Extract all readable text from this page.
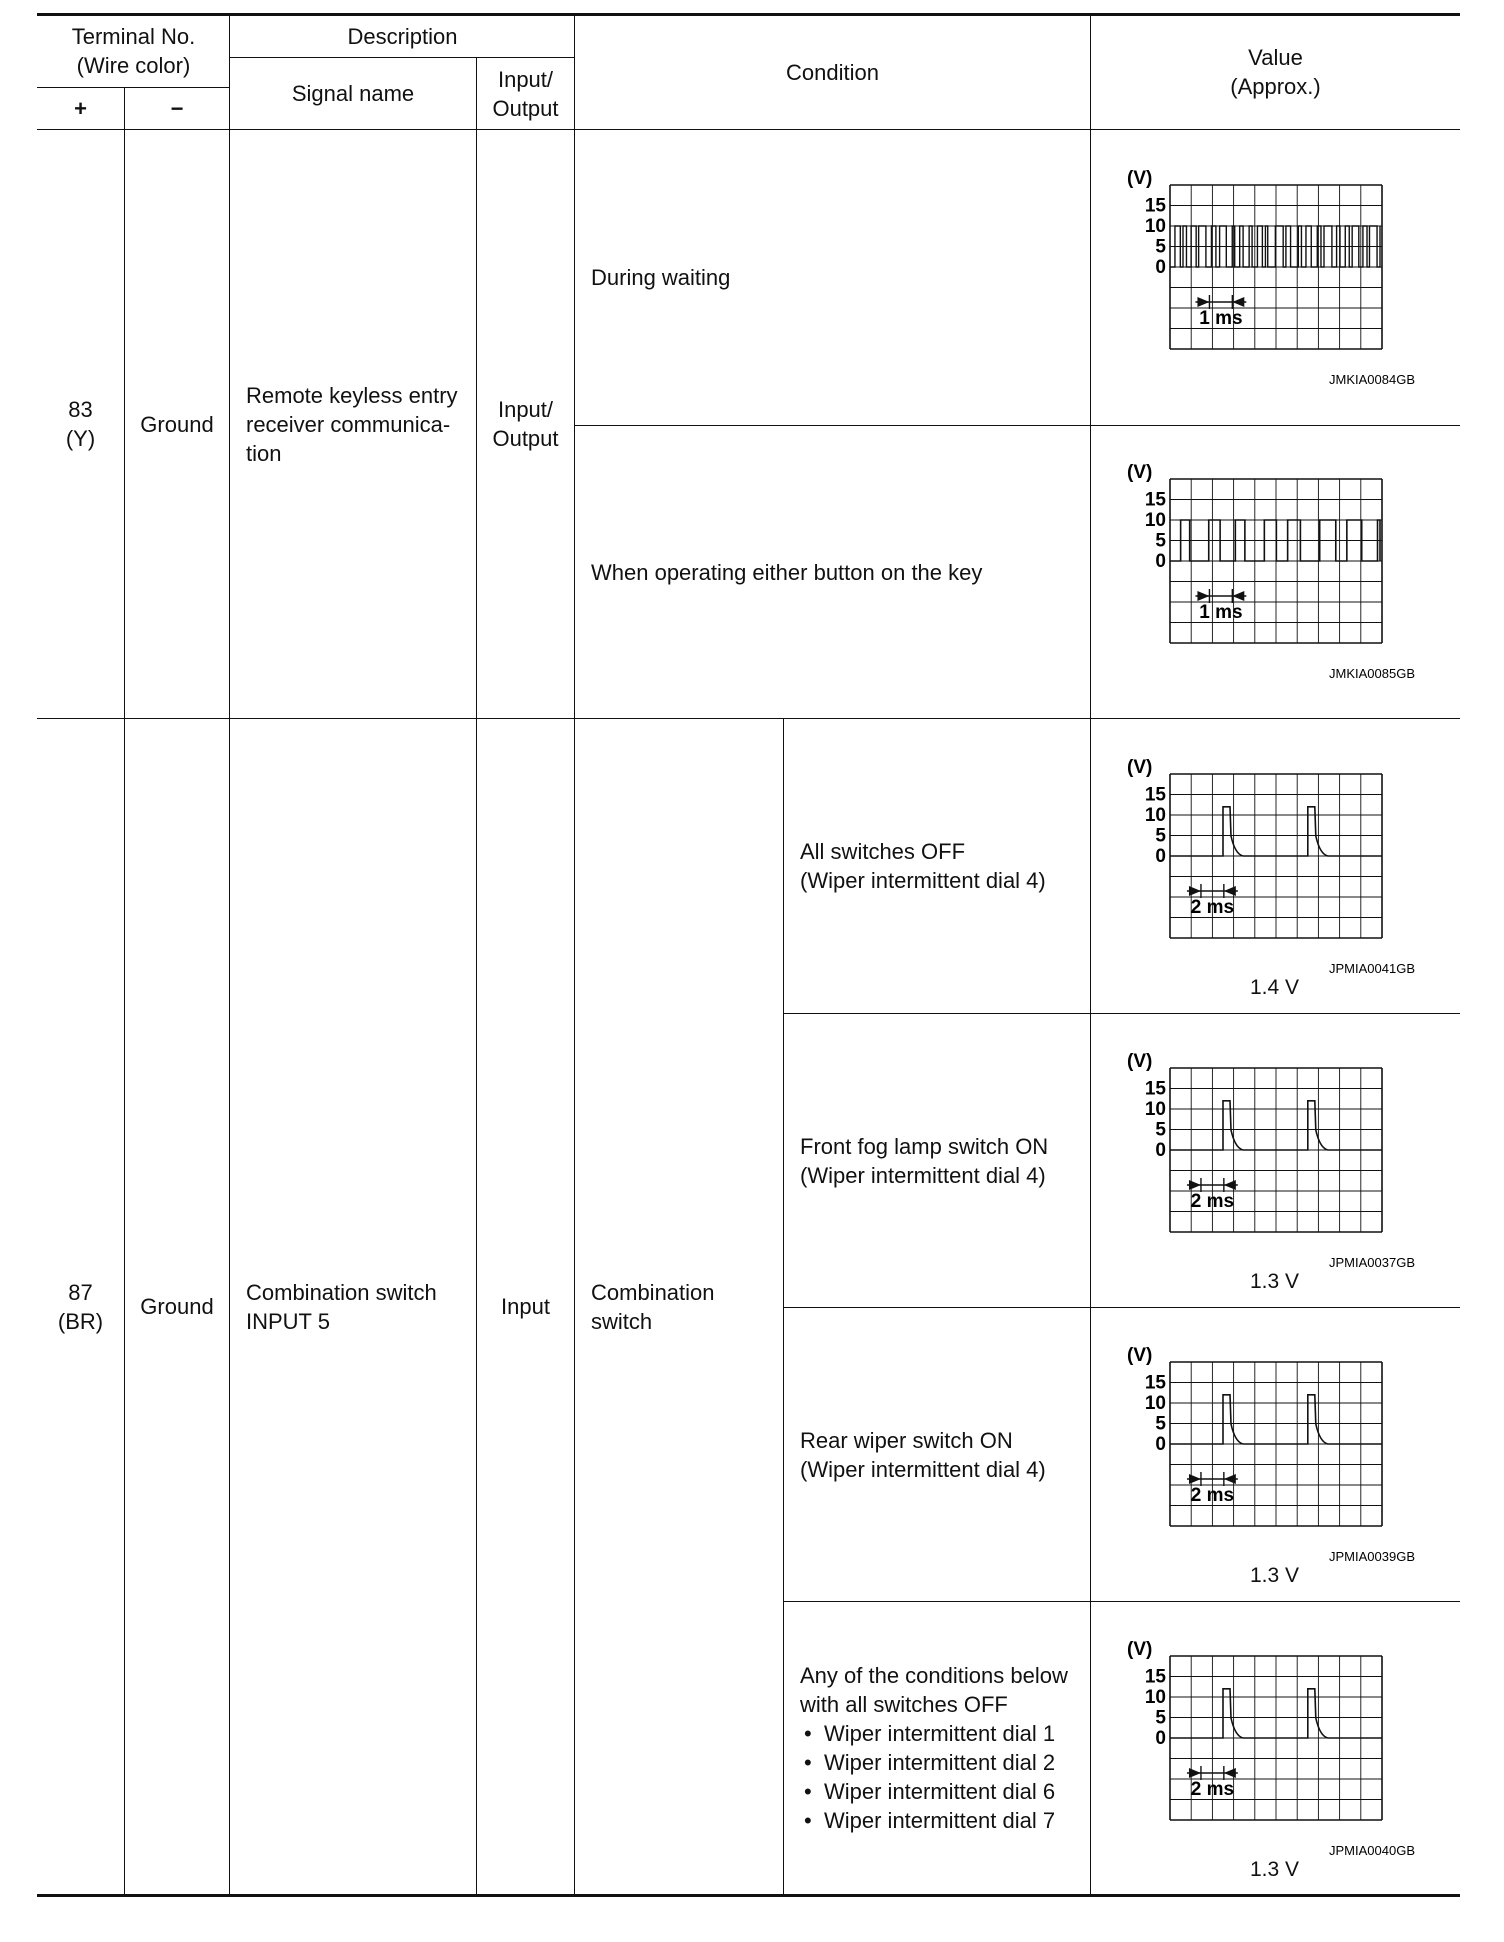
Terminal No.
(Wire color)
+	−
Description
Signal name
Input/
Output
Condition
Value
(Approx.)
83
(Y)
Ground
Remote keyless entry
receiver communica-
tion
Input/
Output
During waiting
When operating either button on the key
(V)
15
10
5
0
1 ms
JMKIA0084GB
(V)
15
10
5
0
1 ms
JMKIA0085GB
87
(BR)
Ground
Combination switch
INPUT 5
Input
Combination
switch
All switches OFF
(Wiper intermittent dial 4)
Front fog lamp switch ON
(Wiper intermittent dial 4)
Rear wiper switch ON
(Wiper intermittent dial 4)
Any of the conditions below
with all switches OFF
• Wiper intermittent dial 1
• Wiper intermittent dial 2
• Wiper intermittent dial 6
• Wiper intermittent dial 7
(V)
15
10
5
0
2 ms
JPMIA0041GB
(V)
15
10
5
0
2 ms
JPMIA0037GB
(V)
15
10
5
0
2 ms
JPMIA0039GB
(V)
15
10
5
0
2 ms
JPMIA0040GB
1.4 V
1.3 V
1.3 V
1.3 V
